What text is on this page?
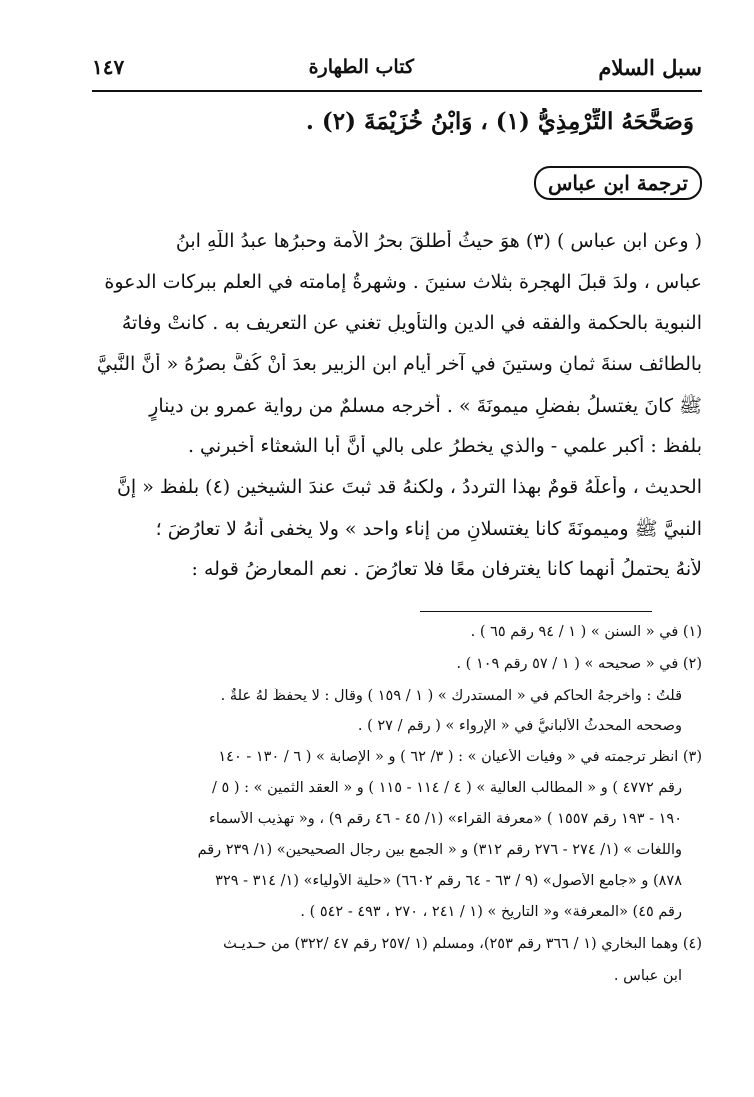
سبل السلام
كتاب الطهارة
١٤٧
وَصَحَّحَهُ التِّرْمِذِيُّ (١) ، وَابْنُ خُزَيْمَةَ (٢) .
ترجمة ابن عباس
( وعن ابنِ عباسٍ ) (٣) هوَ حيثُ أطلقَ بحرُ الأمة وحبرُها عبدُ اللَّهِ ابنُ
عباسٍ ، ولدَ قبلَ الهجرة بثلاث سنينَ . وشهرةُ إمامته في العلمِ ببركات الدعوة
النبوية بالحكمة والفقه في الدينِ والتأويلِ تغني عن التعريف به . كانتْ وفاتهُ
بالطائف سنةَ ثمانٍ وستينَ في آخرِ أيامِ ابنِ الزبير بعدَ أنْ كُفَّ بصرُهُ « أنَّ النَّبيَّ
ﷺ كانَ يغتسلُ بفضلِ ميمونَةَ » . أخرجه مسلمٌ من رواية عمرو بن دينارٍ
بلفظ : أكبر علمي - والذي يخطرُ على بالي أنَّ أبا الشعثاء أخبرني .
الحديث ، وأعلَّهُ قومٌ بهذا الترددُ ، ولكنهُ قد ثبتَ عندَ الشيخينِ (٤) بلفظ « إنَّ
النبيَّ ﷺ وميمونَةَ كانا يغتسلانِ من إناء واحد » ولا يخفى أنهُ لا تعارُضَ ؛
لأنهُ يحتملُ أنهما كانا يغترفان معًا فلا تعارُضَ . نعم المعارضُ قوله :
(١) في « السنن » ( ١ / ٩٤ رقم ٦٥ ) .
(٢) في « صحيحه » ( ١ / ٥٧ رقم ١٠٩ ) .
قلتُ : وأخرجهُ الحاكم في « المستدرك » ( ١ / ١٥٩ ) وقال : لا يحفظُ لهُ علةٌ .
وصححه المحدثُ الألبانيُّ في « الإرواء » ( رقم / ٢٧ ) .
(٣) انظر ترجمته في « وفيات الأعيان » : ( ٣/ ٦٢ ) و « الإصابة » ( ٦ / ١٣٠ - ١٤٠
رقم ٤٧٧٢ ) و « المطالب العالية » ( ٤ / ١١٤ - ١١٥ ) و « العقد الثمين » : ( ٥ /
١٩٠ - ١٩٣ رقم ١٥٥٧ ) «معرفة القراء» (١/ ٤٥ - ٤٦ رقم ٩) ، و« تهذيب الأسماء
واللغات » (١/ ٢٧٤ - ٢٧٦ رقم ٣١٢) و « الجمع بين رجال الصحيحين» (١/ ٢٣٩ رقم
٨٧٨) و «جامع الأصول» (٩ / ٦٣ - ٦٤ رقم ٦٦٠٢) «حلية الأولياء» (١/ ٣١٤ - ٣٢٩
رقم ٤٥) «المعرفة» و« التاريخ » (١ / ٢٤١ ، ٢٧٠ ، ٤٩٣ - ٥٤٢ ) .
(٤) وهما البخاري (١ / ٣٦٦ رقم ٢٥٣)، ومسلم (١ /٢٥٧ رقم ٤٧ /٣٢٢) من حـديـث
ابنِ عباس .
